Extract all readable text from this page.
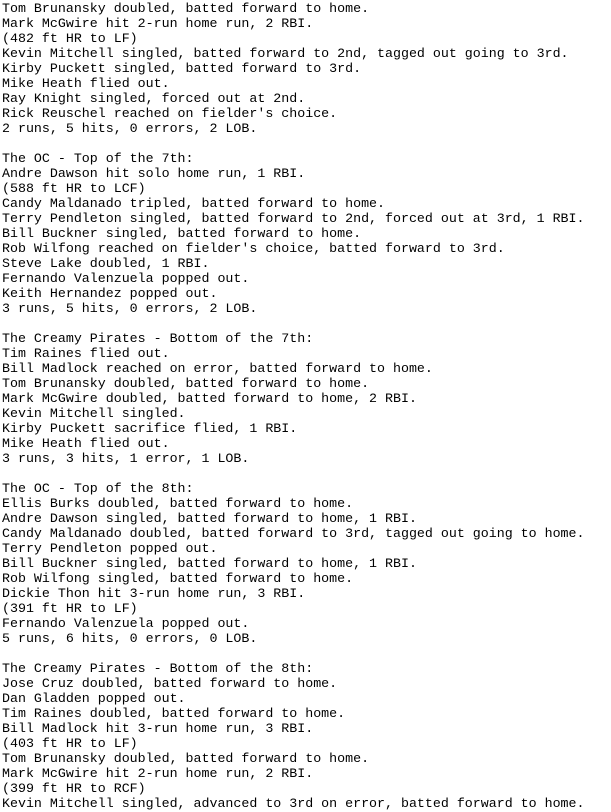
Tom Brunansky doubled, batted forward to home.
Mark McGwire hit 2-run home run, 2 RBI.
(482 ft HR to LF)
Kevin Mitchell singled, batted forward to 2nd, tagged out going to 3rd.
Kirby Puckett singled, batted forward to 3rd.
Mike Heath flied out.
Ray Knight singled, forced out at 2nd.
Rick Reuschel reached on fielder's choice.
2 runs, 5 hits, 0 errors, 2 LOB.
The OC - Top of the 7th:
Andre Dawson hit solo home run, 1 RBI.
(588 ft HR to LCF)
Candy Maldanado tripled, batted forward to home.
Terry Pendleton singled, batted forward to 2nd, forced out at 3rd, 1 RBI.
Bill Buckner singled, batted forward to home.
Rob Wilfong reached on fielder's choice, batted forward to 3rd.
Steve Lake doubled, 1 RBI.
Fernando Valenzuela popped out.
Keith Hernandez popped out.
3 runs, 5 hits, 0 errors, 2 LOB.
The Creamy Pirates - Bottom of the 7th:
Tim Raines flied out.
Bill Madlock reached on error, batted forward to home.
Tom Brunansky doubled, batted forward to home.
Mark McGwire doubled, batted forward to home, 2 RBI.
Kevin Mitchell singled.
Kirby Puckett sacrifice flied, 1 RBI.
Mike Heath flied out.
3 runs, 3 hits, 1 error, 1 LOB.
The OC - Top of the 8th:
Ellis Burks doubled, batted forward to home.
Andre Dawson singled, batted forward to home, 1 RBI.
Candy Maldanado doubled, batted forward to 3rd, tagged out going to home.
Terry Pendleton popped out.
Bill Buckner singled, batted forward to home, 1 RBI.
Rob Wilfong singled, batted forward to home.
Dickie Thon hit 3-run home run, 3 RBI.
(391 ft HR to LF)
Fernando Valenzuela popped out.
5 runs, 6 hits, 0 errors, 0 LOB.
The Creamy Pirates - Bottom of the 8th:
Jose Cruz doubled, batted forward to home.
Dan Gladden popped out.
Tim Raines doubled, batted forward to home.
Bill Madlock hit 3-run home run, 3 RBI.
(403 ft HR to LF)
Tom Brunansky doubled, batted forward to home.
Mark McGwire hit 2-run home run, 2 RBI.
(399 ft HR to RCF)
Kevin Mitchell singled, advanced to 3rd on error, batted forward to home.
